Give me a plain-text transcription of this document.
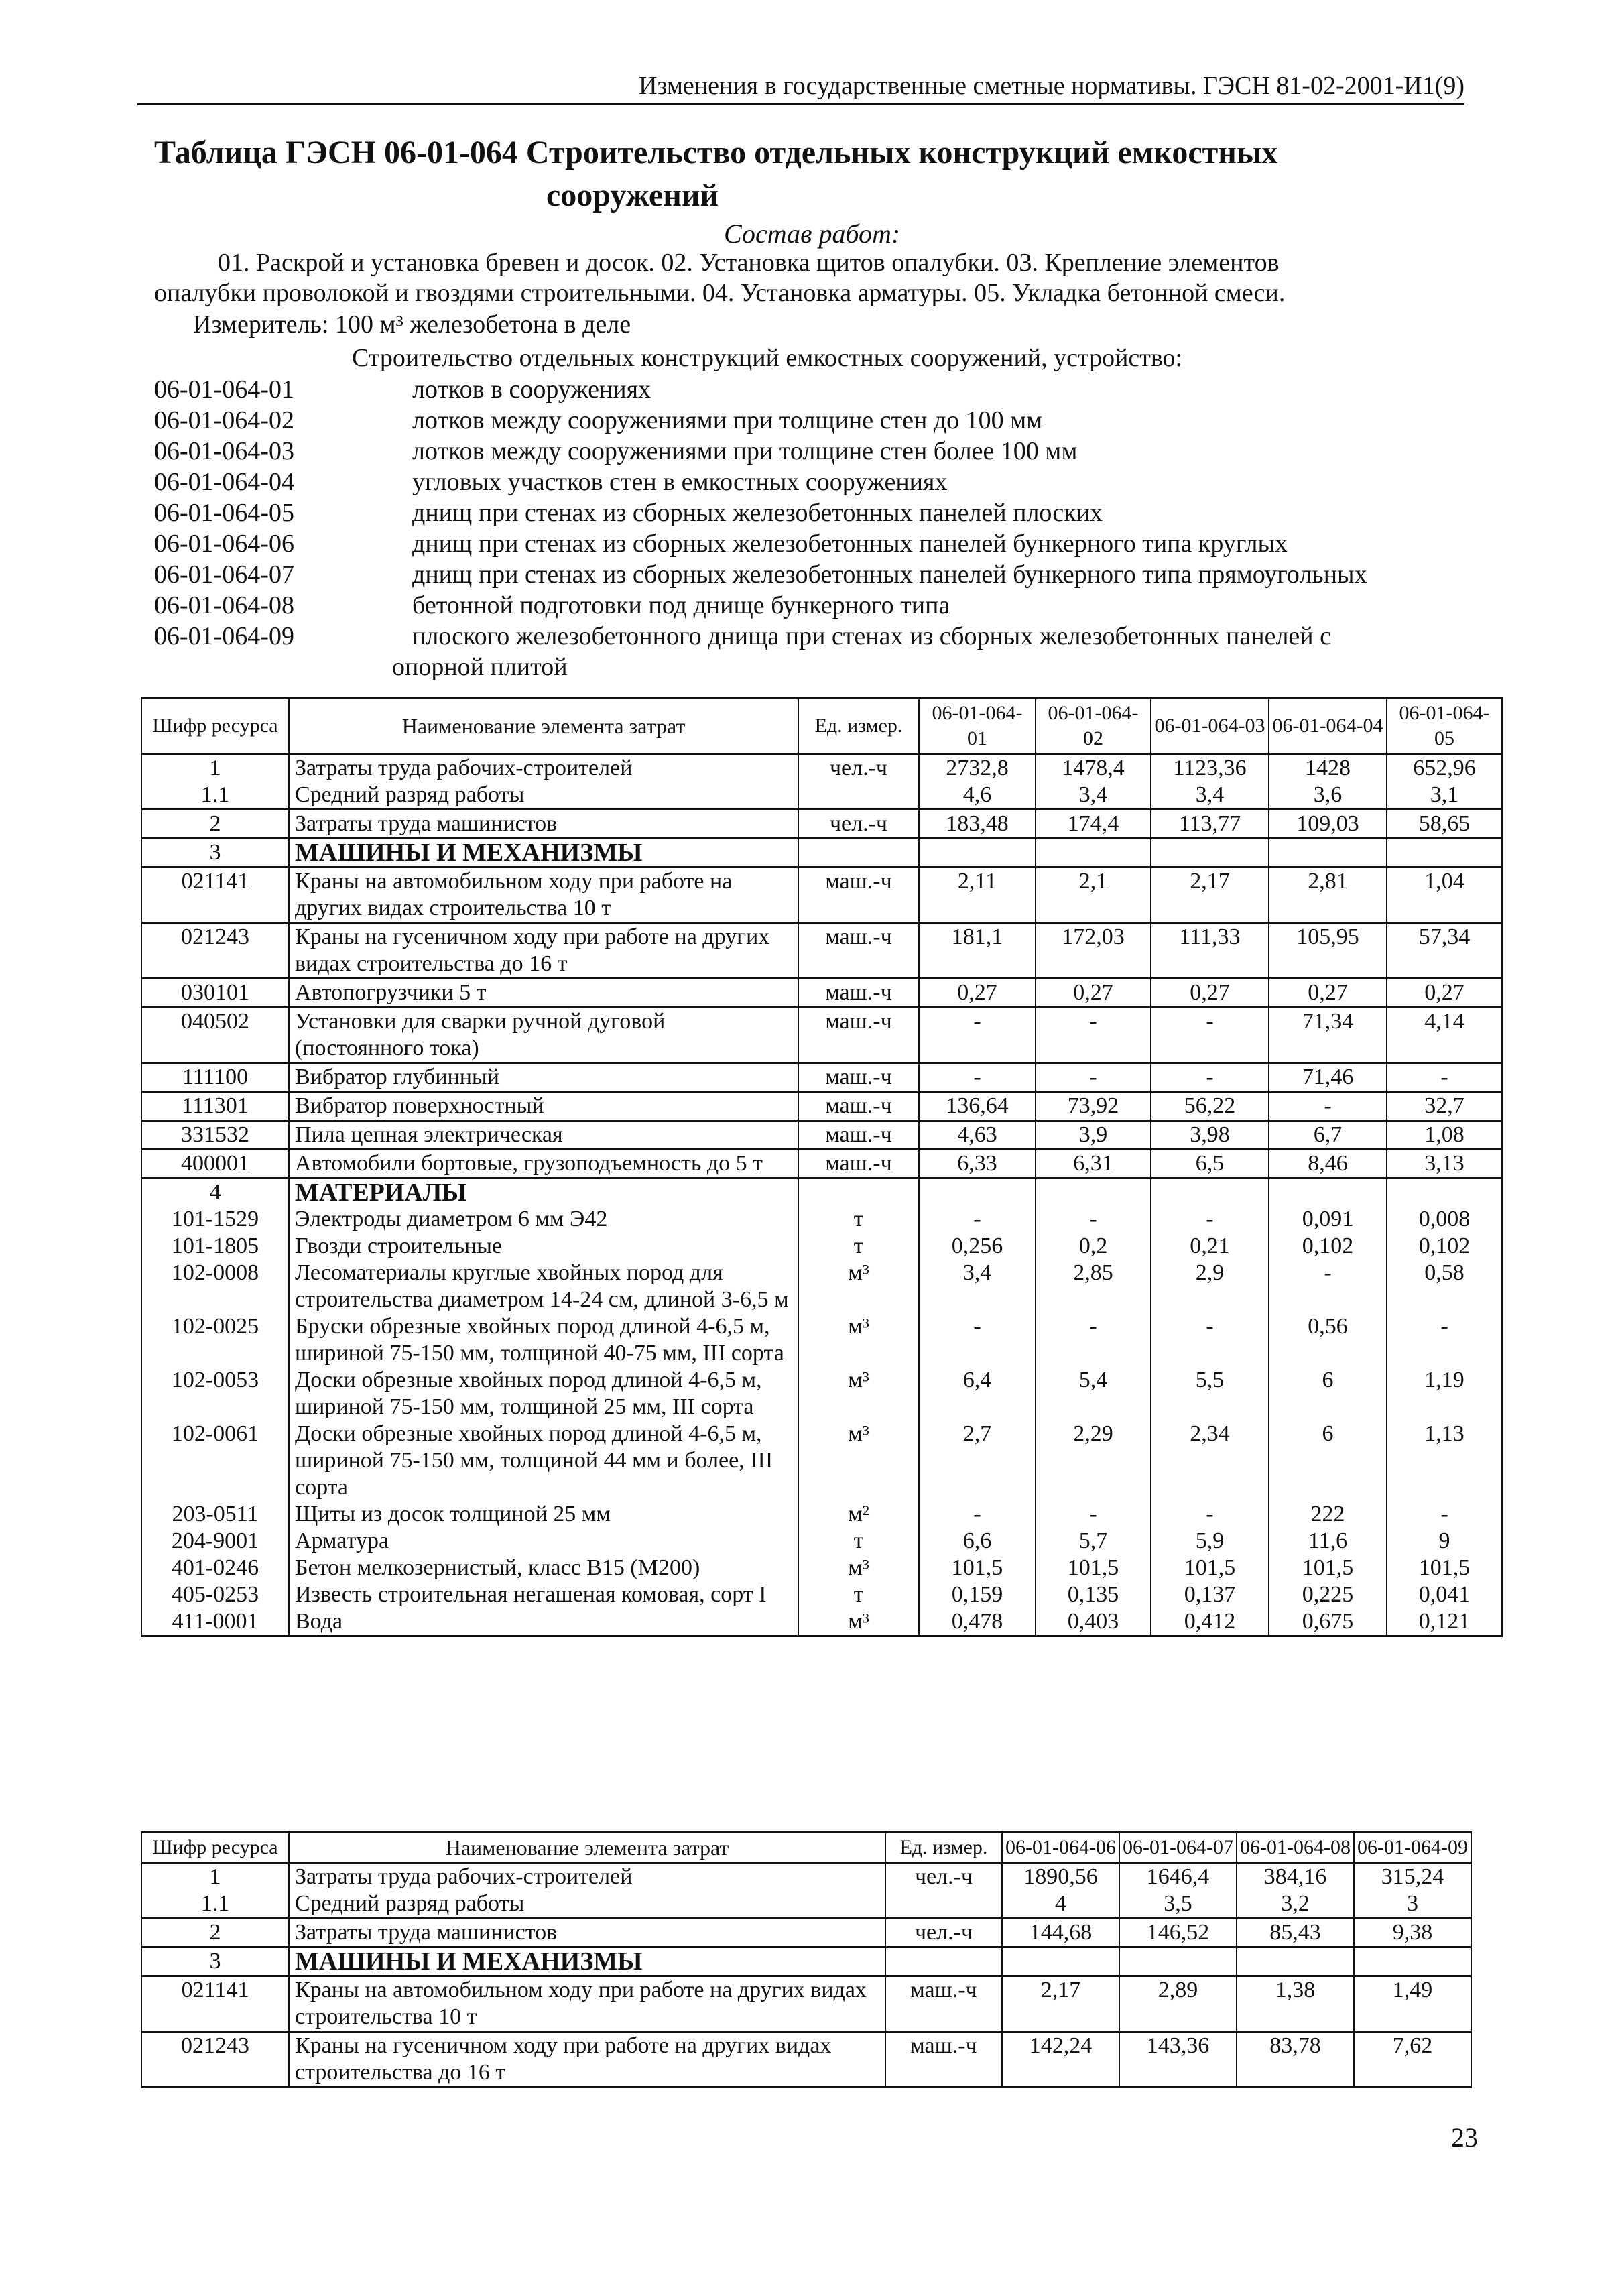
Изменения в государственные сметные нормативы. ГЭСН 81-02-2001-И1(9)
Таблица ГЭСН 06-01-064 Строительство отдельных конструкций емкостных
сооружений
Состав работ:
01. Раскрой и установка бревен и досок. 02. Установка щитов опалубки. 03. Крепление элементов
опалубки проволокой и гвоздями строительными. 04. Установка арматуры. 05. Укладка бетонной смеси.
Измеритель: 100 м³ железобетона в деле
Строительство отдельных конструкций емкостных сооружений, устройство:
06-01-064-01	лотков в сооружениях
06-01-064-02	лотков между сооружениями при толщине стен до 100 мм
06-01-064-03	лотков между сооружениями при толщине стен более 100 мм
06-01-064-04	угловых участков стен в емкостных сооружениях
06-01-064-05	днищ при стенах из сборных железобетонных панелей плоских
06-01-064-06	днищ при стенах из сборных железобетонных панелей бункерного типа круглых
06-01-064-07	днищ при стенах из сборных железобетонных панелей бункерного типа прямоугольных
06-01-064-08	бетонной подготовки под днище бункерного типа
06-01-064-09	плоского железобетонного днища при стенах из сборных железобетонных панелей с
опорной плитой
Шифр ресурса	Наименование элемента затрат	Ед. измер.	06-01-064-01	06-01-064-02	06-01-064-03	06-01-064-04	06-01-064-05
1	Затраты труда рабочих-строителей	чел.-ч	2732,8	1478,4	1123,36	1428	652,96
1.1	Средний разряд работы		4,6	3,4	3,4	3,6	3,1
2	Затраты труда машинистов	чел.-ч	183,48	174,4	113,77	109,03	58,65
3	МАШИНЫ И МЕХАНИЗМЫ						
021141	Краны на автомобильном ходу при работе на других видах строительства 10 т	маш.-ч	2,11	2,1	2,17	2,81	1,04
021243	Краны на гусеничном ходу при работе на других видах строительства до 16 т	маш.-ч	181,1	172,03	111,33	105,95	57,34
030101	Автопогрузчики 5 т	маш.-ч	0,27	0,27	0,27	0,27	0,27
040502	Установки для сварки ручной дуговой (постоянного тока)	маш.-ч	-	-	-	71,34	4,14
111100	Вибратор глубинный	маш.-ч	-	-	-	71,46	-
111301	Вибратор поверхностный	маш.-ч	136,64	73,92	56,22	-	32,7
331532	Пила цепная электрическая	маш.-ч	4,63	3,9	3,98	6,7	1,08
400001	Автомобили бортовые, грузоподъемность до 5 т	маш.-ч	6,33	6,31	6,5	8,46	3,13
4	МАТЕРИАЛЫ						
101-1529	Электроды диаметром 6 мм Э42	т	-	-	-	0,091	0,008
101-1805	Гвозди строительные	т	0,256	0,2	0,21	0,102	0,102
102-0008	Лесоматериалы круглые хвойных пород для строительства диаметром 14-24 см, длиной 3-6,5 м	м³	3,4	2,85	2,9	-	0,58
102-0025	Бруски обрезные хвойных пород длиной 4-6,5 м, шириной 75-150 мм, толщиной 40-75 мм, III сорта	м³	-	-	-	0,56	-
102-0053	Доски обрезные хвойных пород длиной 4-6,5 м, шириной 75-150 мм, толщиной 25 мм, III сорта	м³	6,4	5,4	5,5	6	1,19
102-0061	Доски обрезные хвойных пород длиной 4-6,5 м, шириной 75-150 мм, толщиной 44 мм и более, III сорта	м³	2,7	2,29	2,34	6	1,13
203-0511	Щиты из досок толщиной 25 мм	м²	-	-	-	222	-
204-9001	Арматура	т	6,6	5,7	5,9	11,6	9
401-0246	Бетон мелкозернистый, класс В15 (М200)	м³	101,5	101,5	101,5	101,5	101,5
405-0253	Известь строительная негашеная комовая, сорт I	т	0,159	0,135	0,137	0,225	0,041
411-0001	Вода	м³	0,478	0,403	0,412	0,675	0,121
Шифр ресурса	Наименование элемента затрат	Ед. измер.	06-01-064-06	06-01-064-07	06-01-064-08	06-01-064-09
1	Затраты труда рабочих-строителей	чел.-ч	1890,56	1646,4	384,16	315,24
1.1	Средний разряд работы		4	3,5	3,2	3
2	Затраты труда машинистов	чел.-ч	144,68	146,52	85,43	9,38
3	МАШИНЫ И МЕХАНИЗМЫ					
021141	Краны на автомобильном ходу при работе на других видах строительства 10 т	маш.-ч	2,17	2,89	1,38	1,49
021243	Краны на гусеничном ходу при работе на других видах строительства до 16 т	маш.-ч	142,24	143,36	83,78	7,62
23
